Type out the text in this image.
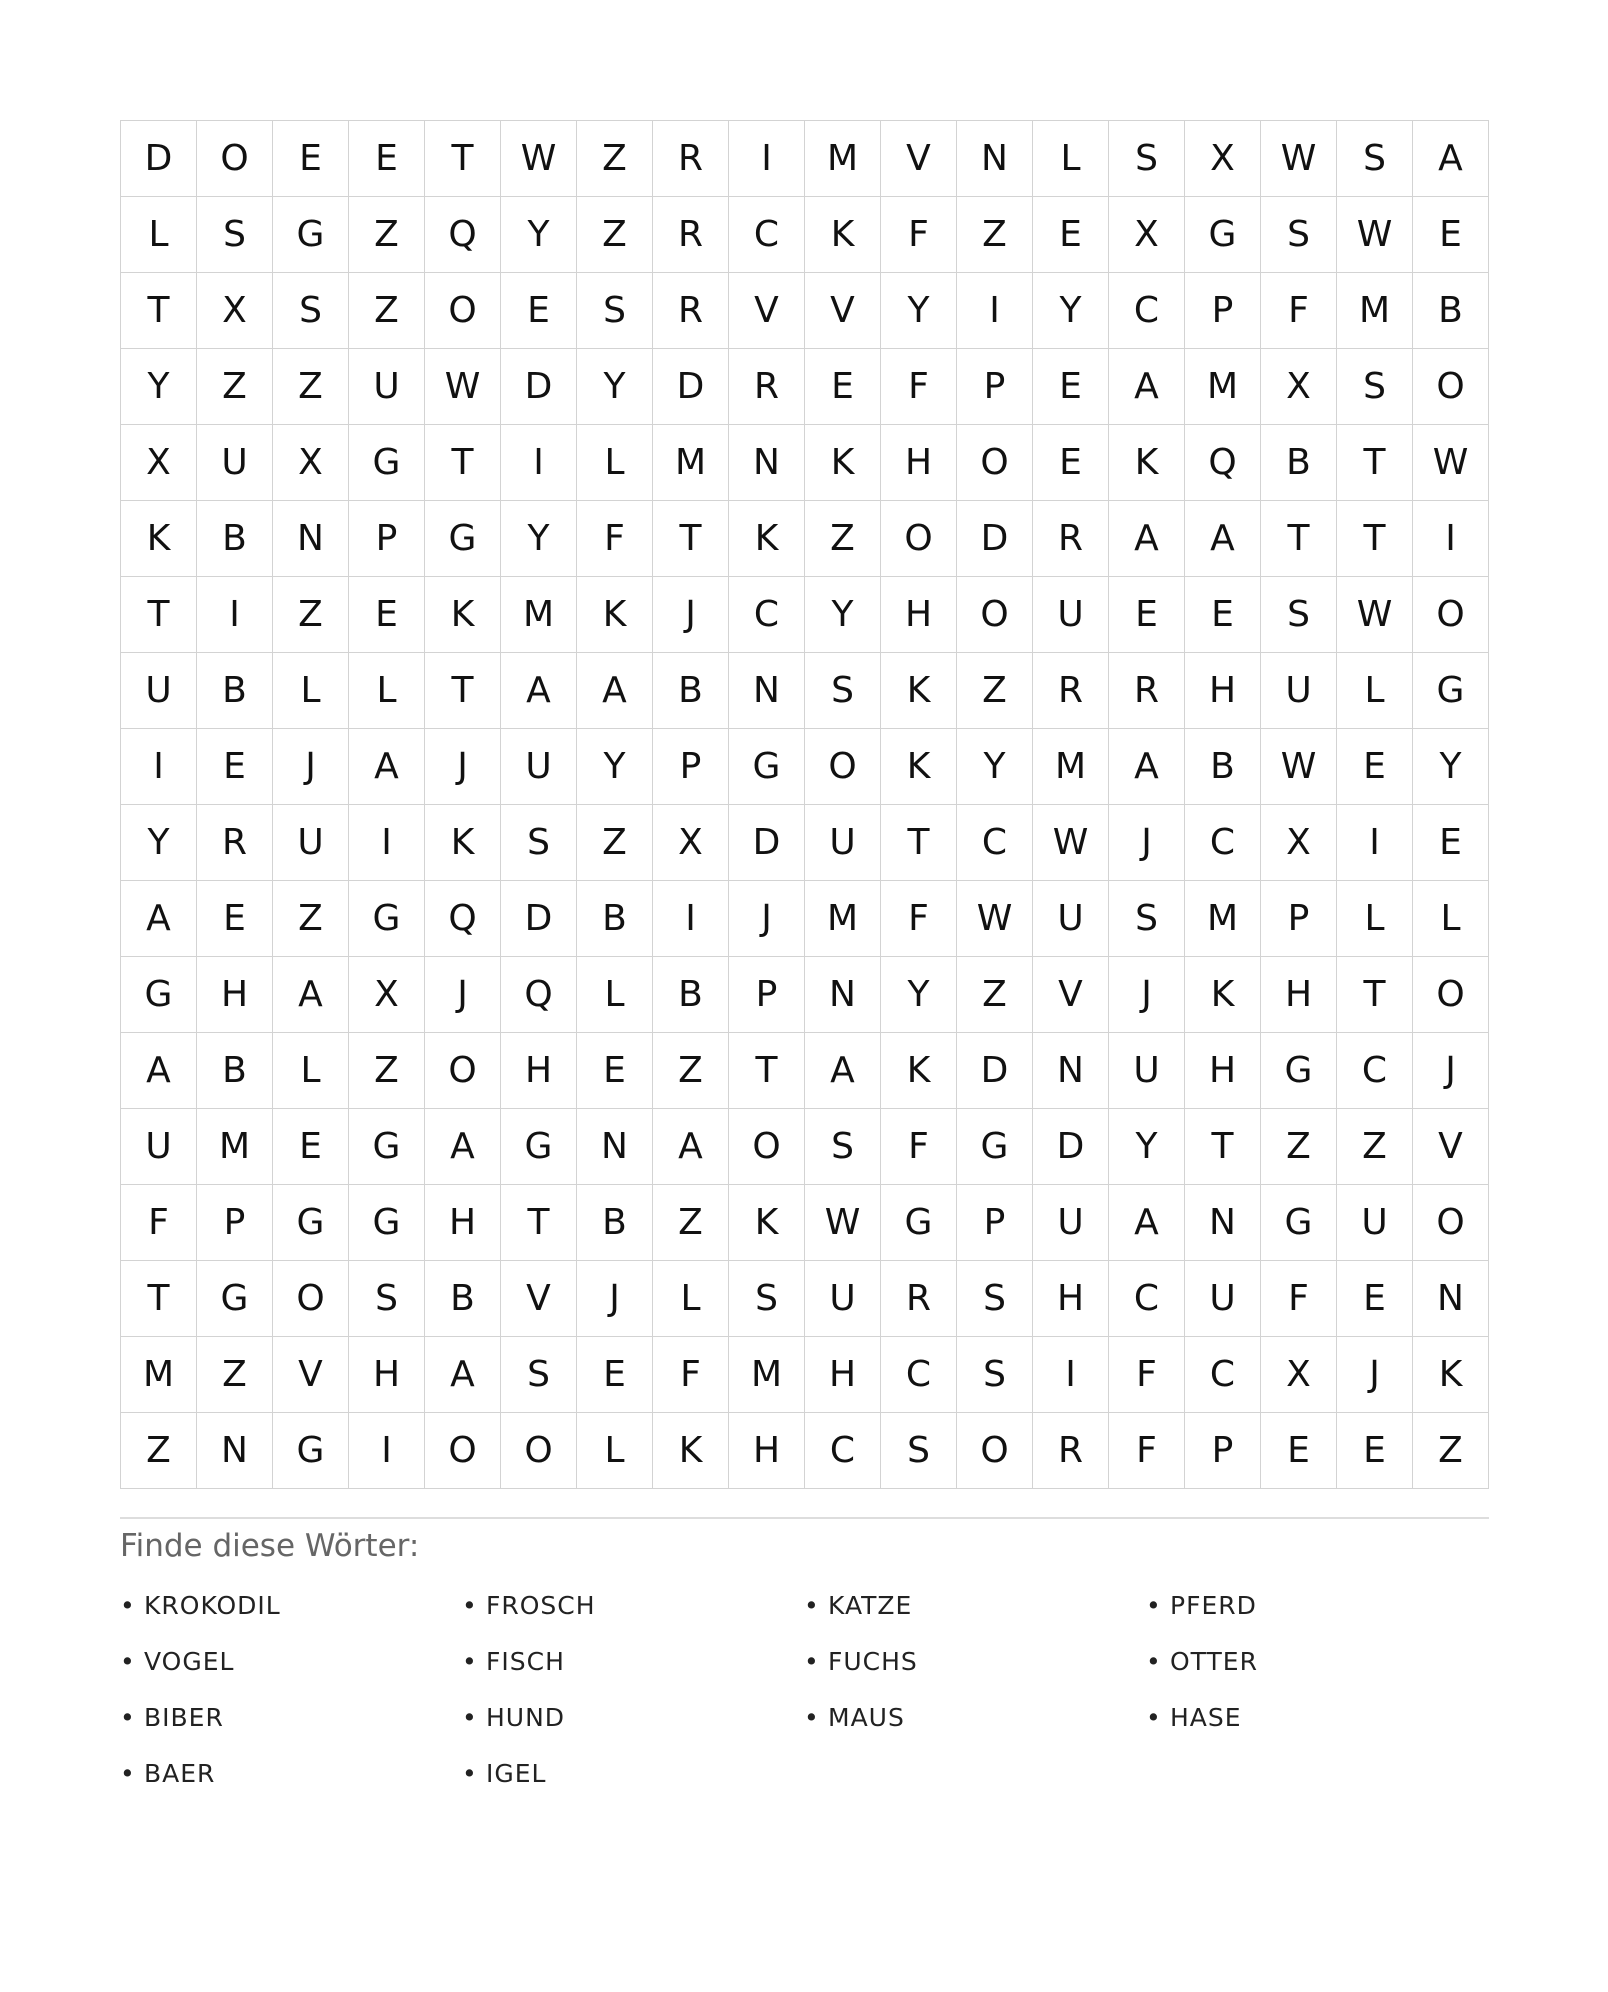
D	O	E	E	T	W	Z	R	I	M	V	N	L	S	X	W	S	A
L	S	G	Z	Q	Y	Z	R	C	K	F	Z	E	X	G	S	W	E
T	X	S	Z	O	E	S	R	V	V	Y	I	Y	C	P	F	M	B
Y	Z	Z	U	W	D	Y	D	R	E	F	P	E	A	M	X	S	O
X	U	X	G	T	I	L	M	N	K	H	O	E	K	Q	B	T	W
K	B	N	P	G	Y	F	T	K	Z	O	D	R	A	A	T	T	I
T	I	Z	E	K	M	K	J	C	Y	H	O	U	E	E	S	W	O
U	B	L	L	T	A	A	B	N	S	K	Z	R	R	H	U	L	G
I	E	J	A	J	U	Y	P	G	O	K	Y	M	A	B	W	E	Y
Y	R	U	I	K	S	Z	X	D	U	T	C	W	J	C	X	I	E
A	E	Z	G	Q	D	B	I	J	M	F	W	U	S	M	P	L	L
G	H	A	X	J	Q	L	B	P	N	Y	Z	V	J	K	H	T	O
A	B	L	Z	O	H	E	Z	T	A	K	D	N	U	H	G	C	J
U	M	E	G	A	G	N	A	O	S	F	G	D	Y	T	Z	Z	V
F	P	G	G	H	T	B	Z	K	W	G	P	U	A	N	G	U	O
T	G	O	S	B	V	J	L	S	U	R	S	H	C	U	F	E	N
M	Z	V	H	A	S	E	F	M	H	C	S	I	F	C	X	J	K
Z	N	G	I	O	O	L	K	H	C	S	O	R	F	P	E	E	Z
Finde diese Wörter:
• KROKODIL	• FROSCH	• KATZE	• PFERD
• VOGEL	• FISCH	• FUCHS	• OTTER
• BIBER	• HUND	• MAUS	• HASE
• BAER	• IGEL
